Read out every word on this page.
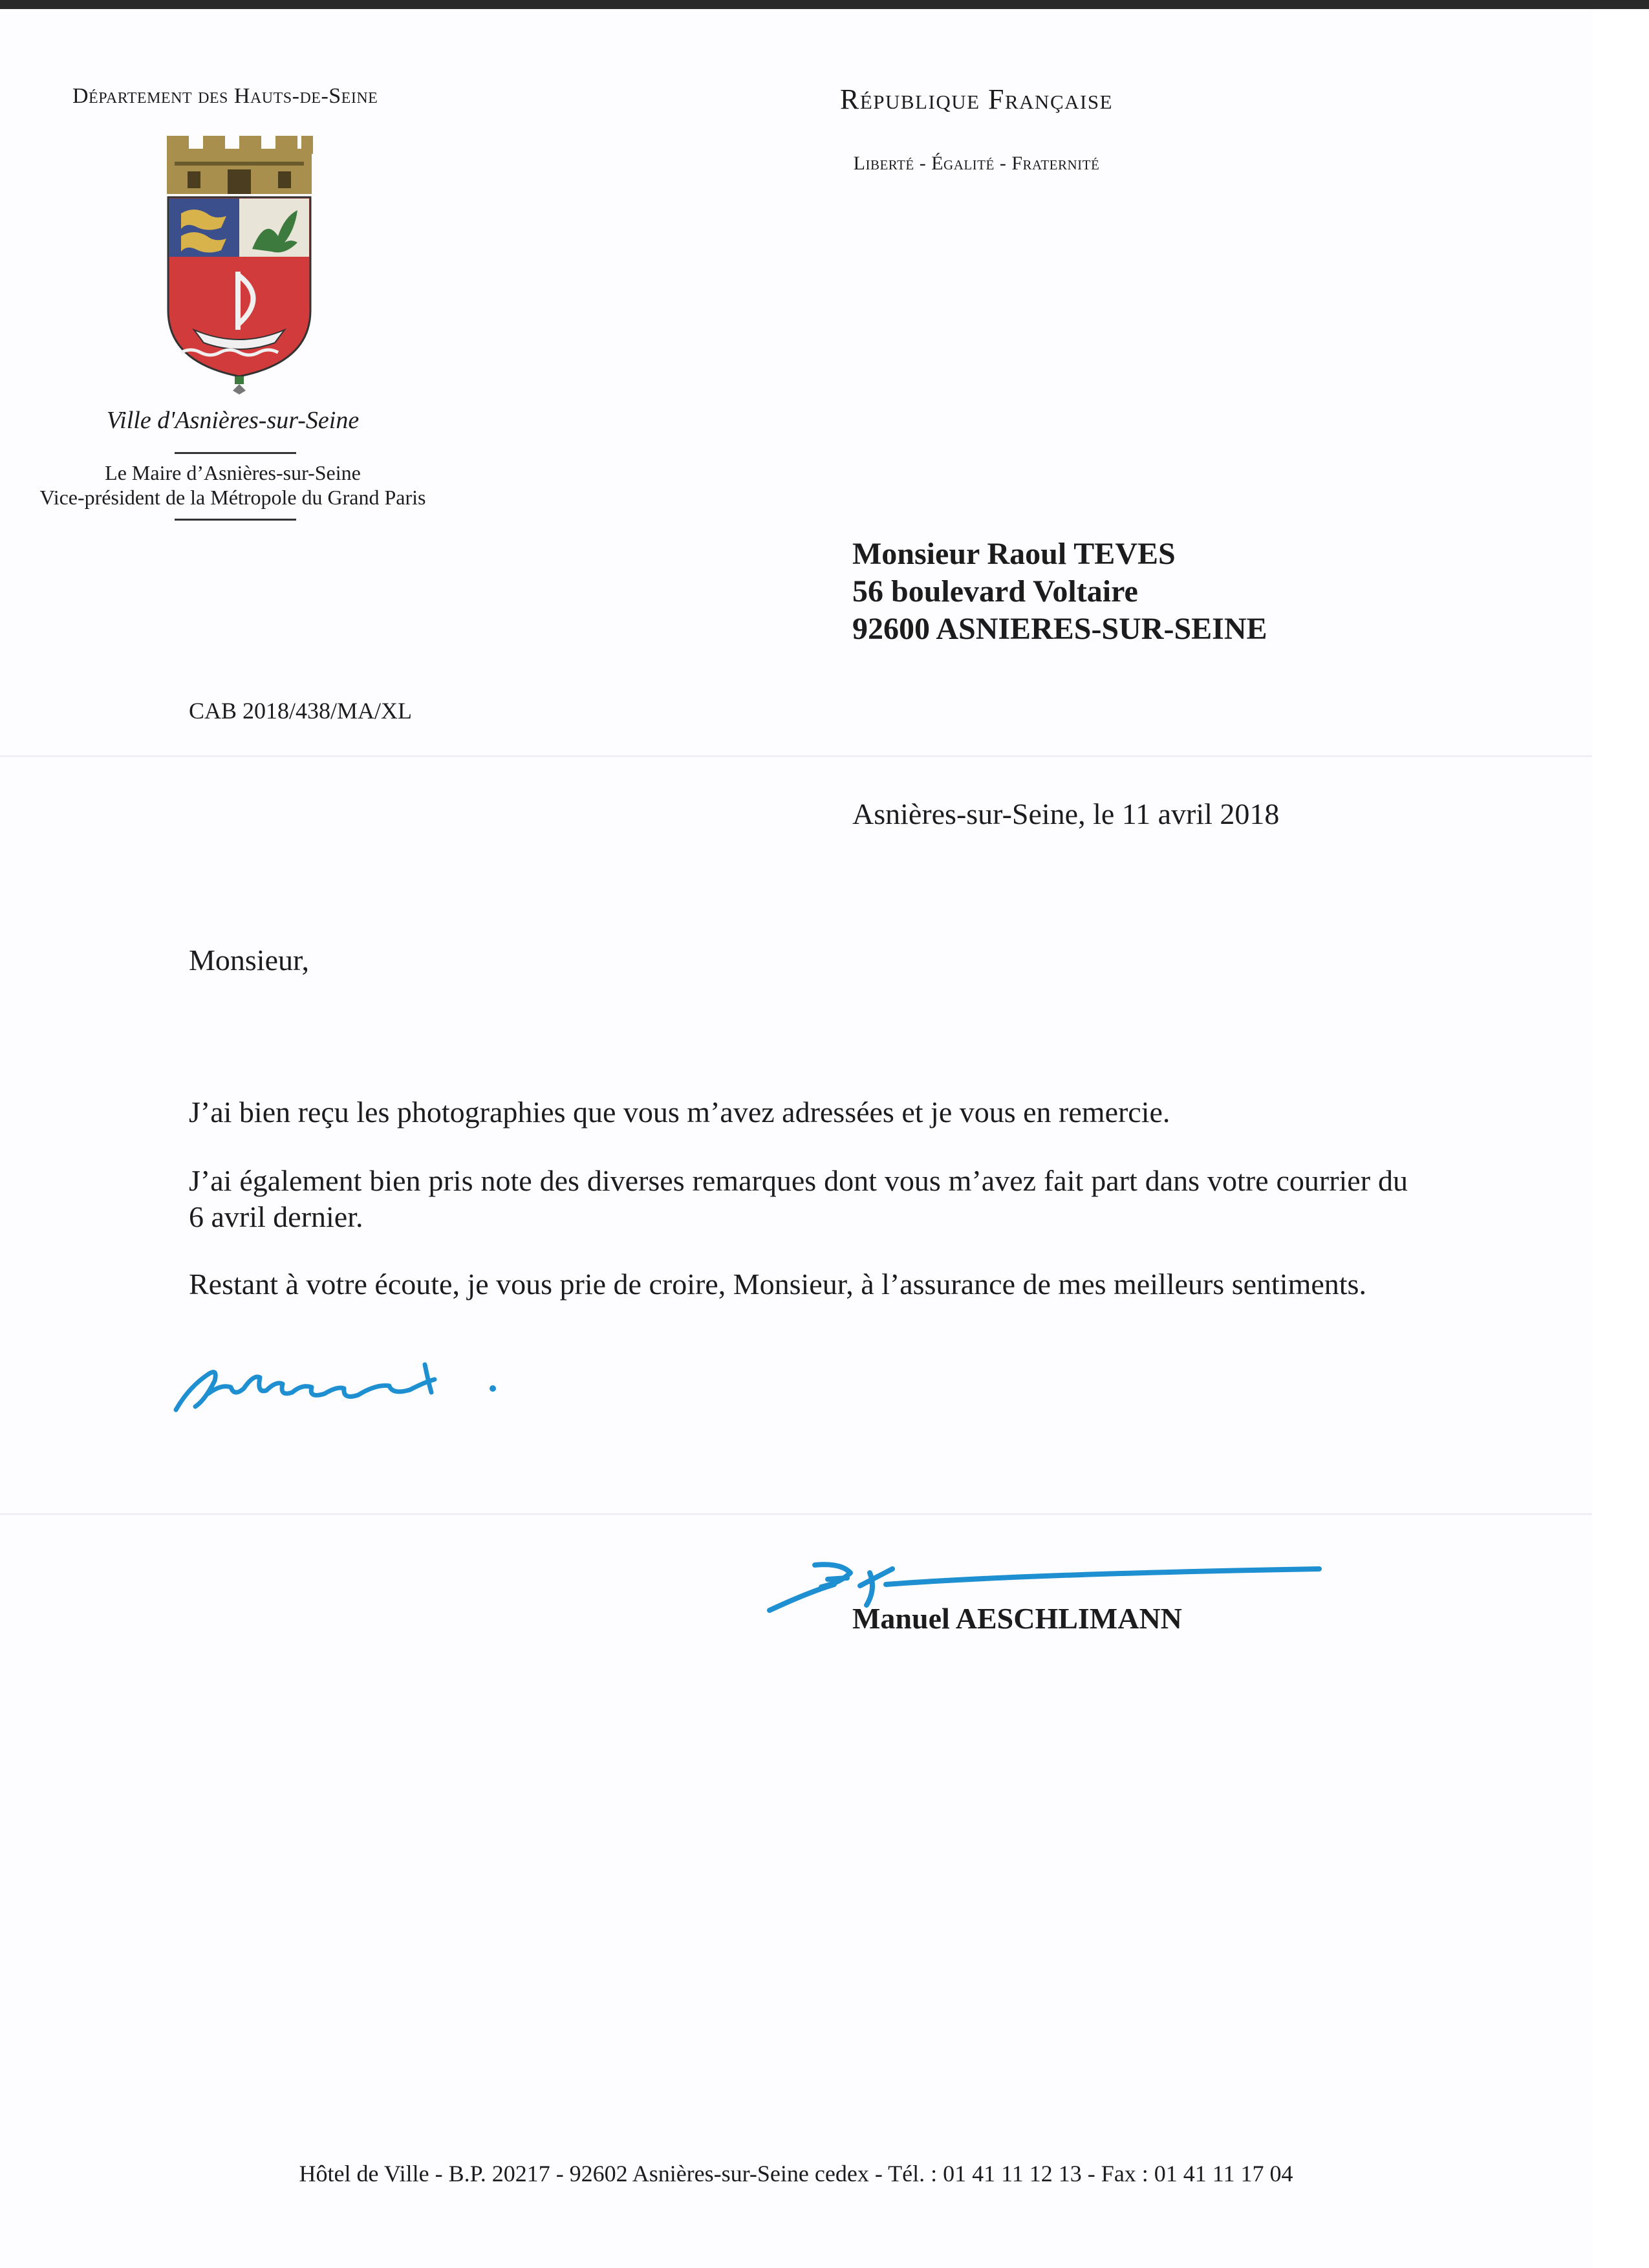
Département des Hauts-de-Seine
Ville d'Asnières-sur-Seine
Le Maire d’Asnières-sur-Seine
Vice-président de la Métropole du Grand Paris
République Française
Liberté - Égalité - Fraternité
Monsieur Raoul TEVES
56 boulevard Voltaire
92600 ASNIERES-SUR-SEINE
CAB 2018/438/MA/XL
Asnières-sur-Seine, le 11 avril 2018
Monsieur,
J’ai bien reçu les photographies que vous m’avez adressées et je vous en remercie.
J’ai également bien pris note des diverses remarques dont vous m’avez fait part dans votre courrier du 6 avril dernier.
Restant à votre écoute, je vous prie de croire, Monsieur, à l’assurance de mes meilleurs sentiments.
Manuel AESCHLIMANN
Hôtel de Ville - B.P. 20217 - 92602 Asnières-sur-Seine cedex - Tél. : 01 41 11 12 13 - Fax : 01 41 11 17 04
